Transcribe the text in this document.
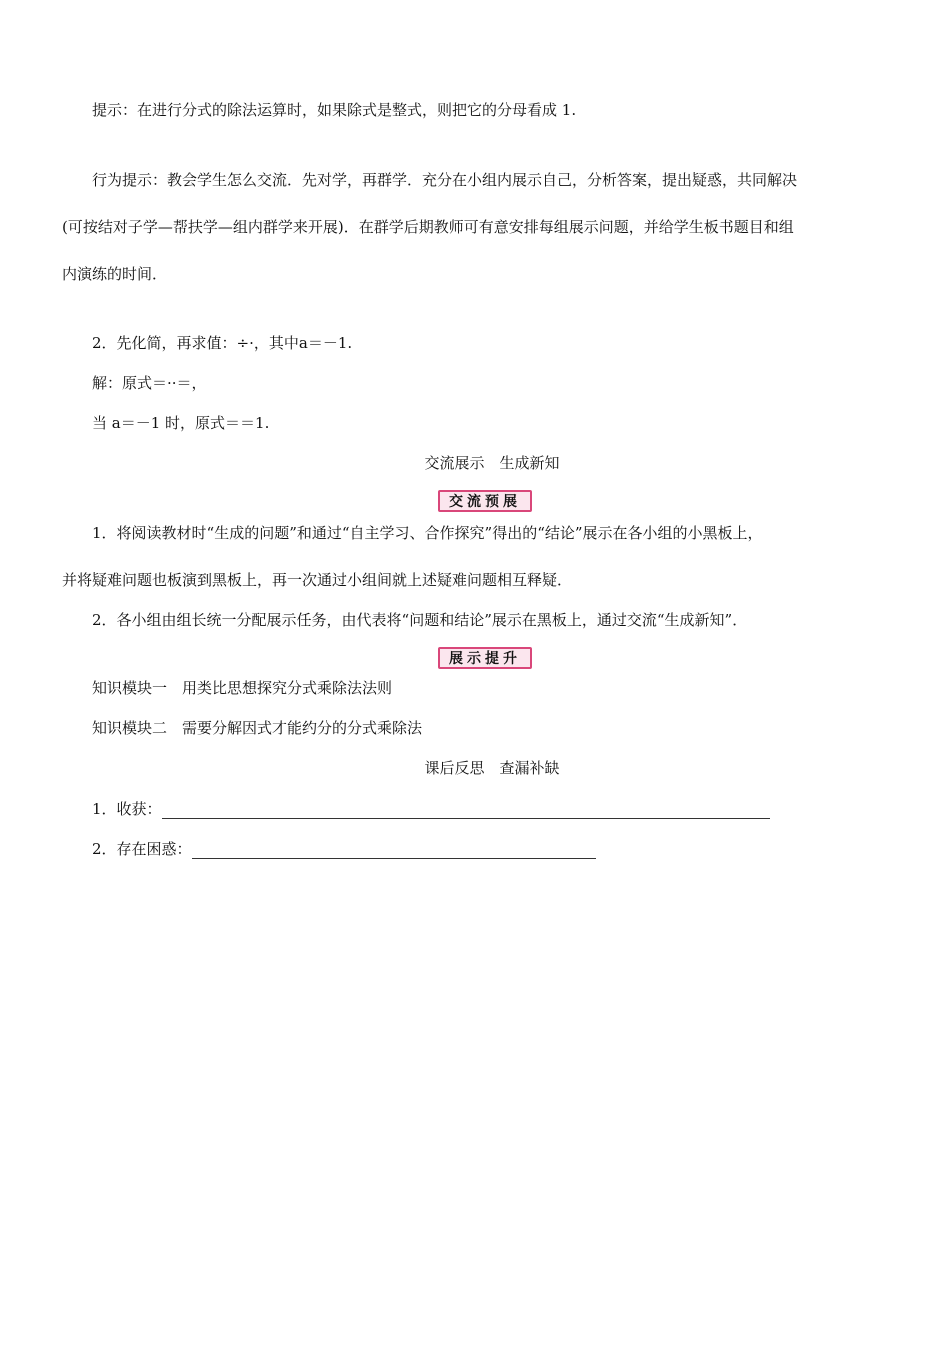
提示：在进行分式的除法运算时，如果除式是整式，则把它的分母看成 1.
行为提示：教会学生怎么交流．先对学，再群学．充分在小组内展示自己，分析答案，提出疑惑，共同解决
(可按结对子学—帮扶学—组内群学来开展)．在群学后期教师可有意安排每组展示问题，并给学生板书题目和组
内演练的时间．
2．先化简，再求值：÷·，其中a＝－1.
解：原式＝··＝，
当 a＝－1 时，原式＝＝1.
交流展示　生成新知
交流预展
1．将阅读教材时“生成的问题”和通过“自主学习、合作探究”得出的“结论”展示在各小组的小黑板上，
并将疑难问题也板演到黑板上，再一次通过小组间就上述疑难问题相互释疑．
2．各小组由组长统一分配展示任务，由代表将“问题和结论”展示在黑板上，通过交流“生成新知”．
展示提升
知识模块一　用类比思想探究分式乘除法法则
知识模块二　需要分解因式才能约分的分式乘除法
课后反思　查漏补缺
1．收获：
2．存在困惑：
